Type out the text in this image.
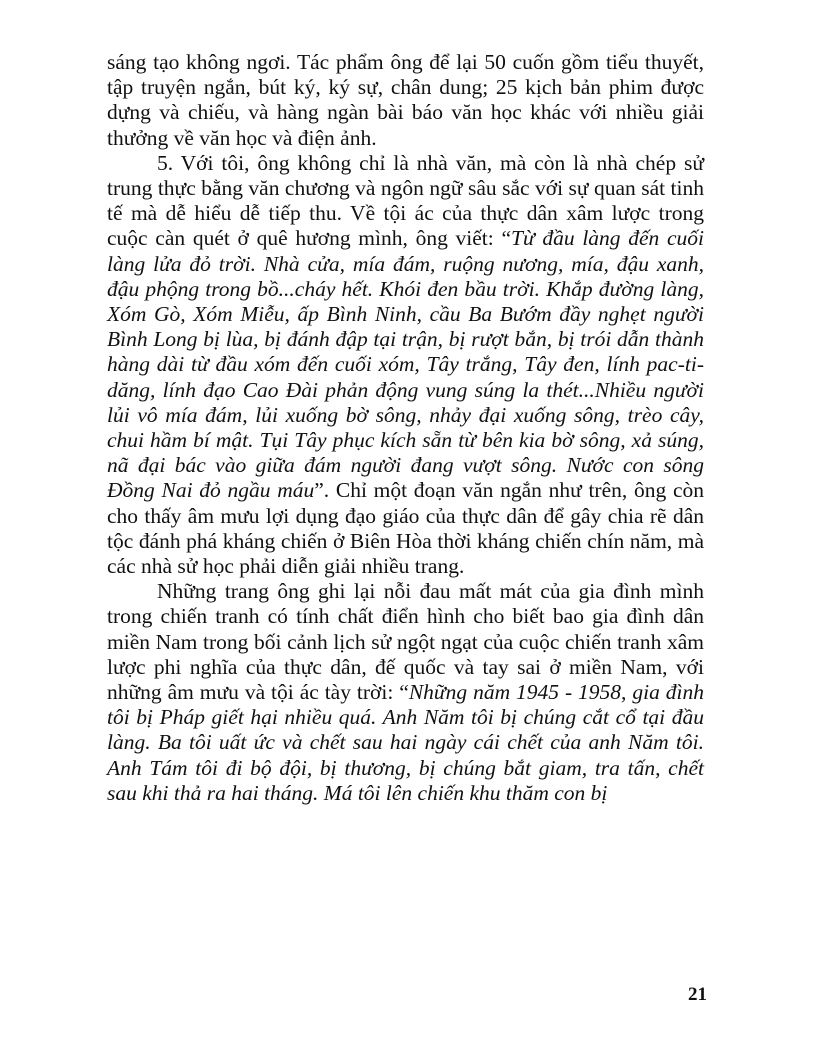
sáng tạo không ngơi. Tác phẩm ông để lại 50 cuốn gồm tiểu thuyết, tập truyện ngắn, bút ký, ký sự, chân dung; 25 kịch bản phim được dựng và chiếu, và hàng ngàn bài báo văn học khác với nhiều giải thưởng về văn học và điện ảnh.

5. Với tôi, ông không chỉ là nhà văn, mà còn là nhà chép sử trung thực bằng văn chương và ngôn ngữ sâu sắc với sự quan sát tinh tế mà dễ hiểu dễ tiếp thu. Về tội ác của thực dân xâm lược trong cuộc càn quét ở quê hương mình, ông viết: “Từ đầu làng đến cuối làng lửa đỏ trời. Nhà cửa, mía đám, ruộng nương, mía, đậu xanh, đậu phộng trong bồ...cháy hết. Khói đen bầu trời. Khắp đường làng, Xóm Gò, Xóm Miễu, ấp Bình Ninh, cầu Ba Bướm đầy nghẹt người Bình Long bị lùa, bị đánh đập tại trận, bị rượt bắn, bị trói dẫn thành hàng dài từ đầu xóm đến cuối xóm, Tây trắng, Tây đen, lính pac-ti-dăng, lính đạo Cao Đài phản động vung súng la thét...Nhiều người lủi vô mía đám, lủi xuống bờ sông, nhảy đại xuống sông, trèo cây, chui hầm bí mật. Tụi Tây phục kích sẵn từ bên kia bờ sông, xả súng, nã đại bác vào giữa đám người đang vượt sông. Nước con sông Đồng Nai đỏ ngầu máu”. Chỉ một đoạn văn ngắn như trên, ông còn cho thấy âm mưu lợi dụng đạo giáo của thực dân để gây chia rẽ dân tộc đánh phá kháng chiến ở Biên Hòa thời kháng chiến chín năm, mà các nhà sử học phải diễn giải nhiều trang.

Những trang ông ghi lại nỗi đau mất mát của gia đình mình trong chiến tranh có tính chất điển hình cho biết bao gia đình dân miền Nam trong bối cảnh lịch sử ngột ngạt của cuộc chiến tranh xâm lược phi nghĩa của thực dân, đế quốc và tay sai ở miền Nam, với những âm mưu và tội ác tày trời: “Những năm 1945 - 1958, gia đình tôi bị Pháp giết hại nhiều quá. Anh Năm tôi bị chúng cắt cổ tại đầu làng. Ba tôi uất ức và chết sau hai ngày cái chết của anh Năm tôi. Anh Tám tôi đi bộ đội, bị thương, bị chúng bắt giam, tra tấn, chết sau khi thả ra hai tháng. Má tôi lên chiến khu thăm con bị

21
